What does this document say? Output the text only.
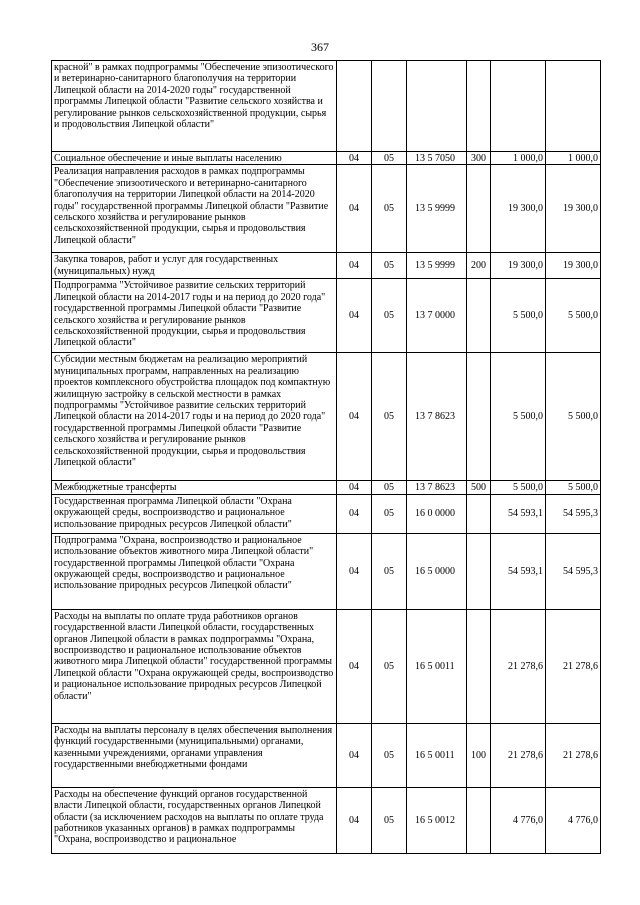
367
красной" в рамках подпрограммы "Обеспечение эпизоотического и ветеринарно-санитарного благополучия на территории Липецкой области на 2014-2020 годы" государственной программы Липецкой области "Развитие сельского хозяйства и регулирование рынков сельскохозяйственной продукции, сырья и продовольствия Липецкой области"						
Социальное обеспечение и иные выплаты населению	04	05	13 5 7050	300	1 000,0	1 000,0
Реализация направления расходов в рамках подпрограммы "Обеспечение эпизоотического и ветеринарно-санитарного благополучия на территории Липецкой области на 2014-2020 годы" государственной программы Липецкой области "Развитие сельского хозяйства и регулирование рынков сельскохозяйственной продукции, сырья и продовольствия Липецкой области"	04	05	13 5 9999		19 300,0	19 300,0
Закупка товаров, работ и услуг для государственных (муниципальных) нужд	04	05	13 5 9999	200	19 300,0	19 300,0
Подпрограмма "Устойчивое развитие сельских территорий Липецкой области на 2014-2017 годы и на период до 2020 года" государственной программы Липецкой области "Развитие сельского хозяйства и регулирование рынков сельскохозяйственной продукции, сырья и продовольствия Липецкой области"	04	05	13 7 0000		5 500,0	5 500,0
Субсидии местным бюджетам на реализацию мероприятий муниципальных программ, направленных на реализацию проектов комплексного обустройства площадок под компактную жилищную застройку в сельской местности в рамках подпрограммы "Устойчивое развитие сельских территорий Липецкой области на 2014-2017 годы и на период до 2020 года" государственной программы Липецкой области "Развитие сельского хозяйства и регулирование рынков сельскохозяйственной продукции, сырья и продовольствия Липецкой области"	04	05	13 7 8623		5 500,0	5 500,0
Межбюджетные трансферты	04	05	13 7 8623	500	5 500,0	5 500,0
Государственная программа Липецкой области "Охрана окружающей среды, воспроизводство и рациональное использование природных ресурсов Липецкой области"	04	05	16 0 0000		54 593,1	54 595,3
Подпрограмма "Охрана, воспроизводство и рациональное использование объектов животного мира Липецкой области" государственной программы Липецкой области "Охрана окружающей среды, воспроизводство и рациональное использование природных ресурсов Липецкой области"	04	05	16 5 0000		54 593,1	54 595,3
Расходы на выплаты по оплате труда работников органов государственной власти Липецкой области, государственных органов Липецкой области в рамках подпрограммы "Охрана, воспроизводство и рациональное использование объектов животного мира Липецкой области" государственной программы Липецкой области "Охрана окружающей среды, воспроизводство и рациональное использование природных ресурсов Липецкой области"	04	05	16 5 0011		21 278,6	21 278,6
Расходы на выплаты персоналу в целях обеспечения выполнения функций государственными (муниципальными) органами, казенными учреждениями, органами управления государственными внебюджетными фондами	04	05	16 5 0011	100	21 278,6	21 278,6
Расходы на обеспечение функций органов государственной власти Липецкой области, государственных органов Липецкой области (за исключением расходов на выплаты по оплате труда работников указанных органов) в рамках подпрограммы "Охрана, воспроизводство и рациональное	04	05	16 5 0012		4 776,0	4 776,0
